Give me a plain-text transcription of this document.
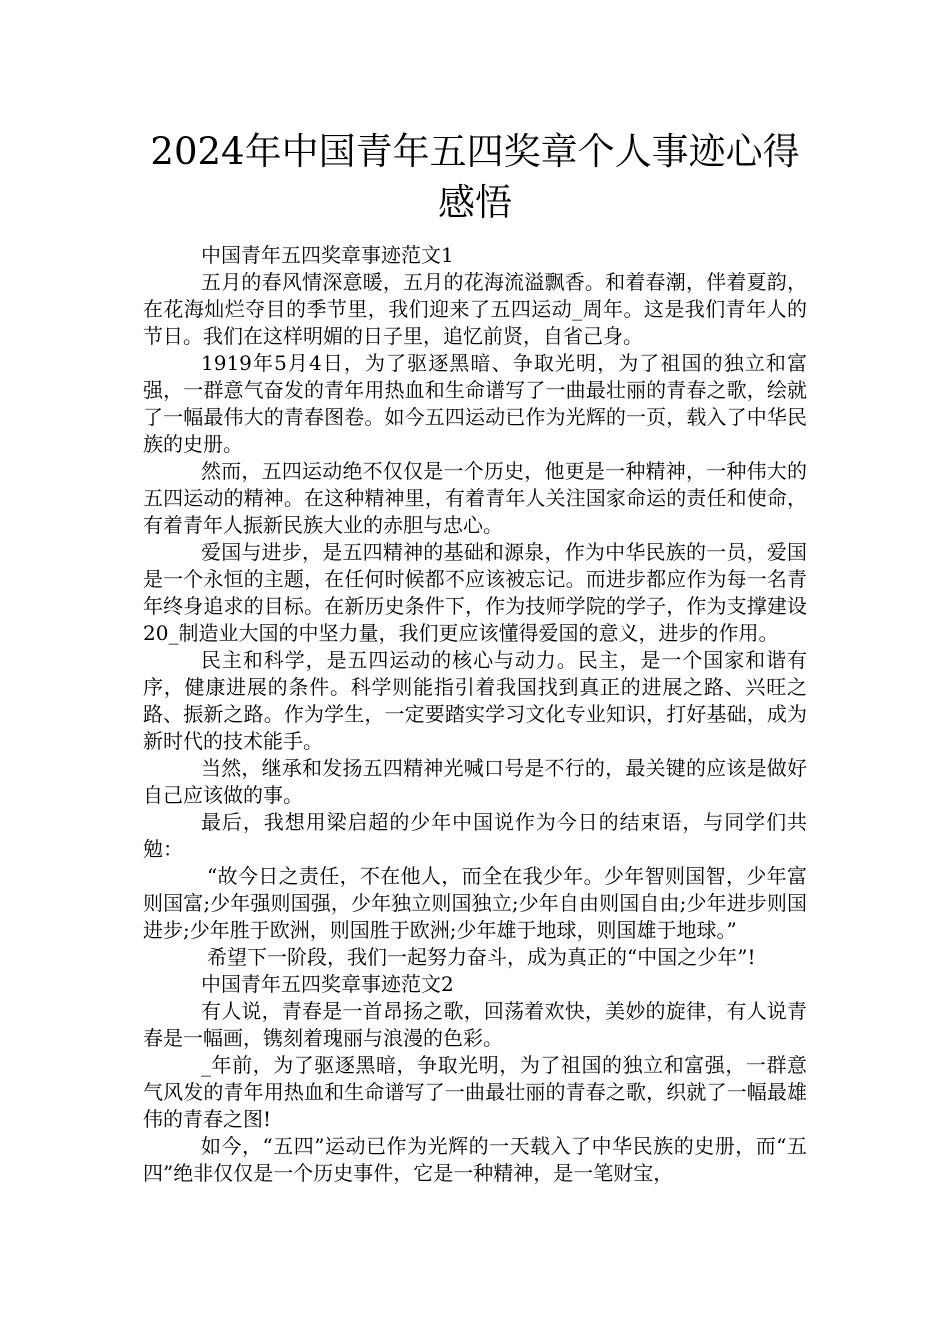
2024年中国青年五四奖章个人事迹心得感悟

中国青年五四奖章事迹范文1

五月的春风情深意暖，五月的花海流溢飘香。和着春潮，伴着夏韵，在花海灿烂夺目的季节里，我们迎来了五四运动_周年。这是我们青年人的节日。我们在这样明媚的日子里，追忆前贤，自省己身。

1919年5月4日，为了驱逐黑暗、争取光明，为了祖国的独立和富强，一群意气奋发的青年用热血和生命谱写了一曲最壮丽的青春之歌，绘就了一幅最伟大的青春图卷。如今五四运动已作为光辉的一页，载入了中华民族的史册。

然而，五四运动绝不仅仅是一个历史，他更是一种精神，一种伟大的五四运动的精神。在这种精神里，有着青年人关注国家命运的责任和使命，有着青年人振新民族大业的赤胆与忠心。

爱国与进步，是五四精神的基础和源泉，作为中华民族的一员，爱国是一个永恒的主题，在任何时候都不应该被忘记。而进步都应作为每一名青年终身追求的目标。在新历史条件下，作为技师学院的学子，作为支撑建设20_制造业大国的中坚力量，我们更应该懂得爱国的意义，进步的作用。

民主和科学，是五四运动的核心与动力。民主，是一个国家和谐有序，健康进展的条件。科学则能指引着我国找到真正的进展之路、兴旺之路、振新之路。作为学生，一定要踏实学习文化专业知识，打好基础，成为新时代的技术能手。

当然，继承和发扬五四精神光喊口号是不行的，最关键的应该是做好自己应该做的事。

最后，我想用梁启超的少年中国说作为今日的结束语，与同学们共勉：

“故今日之责任，不在他人，而全在我少年。少年智则国智，少年富则国富;少年强则国强，少年独立则国独立;少年自由则国自由;少年进步则国进步;少年胜于欧洲，则国胜于欧洲;少年雄于地球，则国雄于地球。”

希望下一阶段，我们一起努力奋斗，成为真正的“中国之少年”!

中国青年五四奖章事迹范文2

有人说，青春是一首昂扬之歌，回荡着欢快，美妙的旋律，有人说青春是一幅画，镌刻着瑰丽与浪漫的色彩。

_年前，为了驱逐黑暗，争取光明，为了祖国的独立和富强，一群意气风发的青年用热血和生命谱写了一曲最壮丽的青春之歌，织就了一幅最雄伟的青春之图!

如今，“五四”运动已作为光辉的一天载入了中华民族的史册，而“五四”绝非仅仅是一个历史事件，它是一种精神，是一笔财宝，
